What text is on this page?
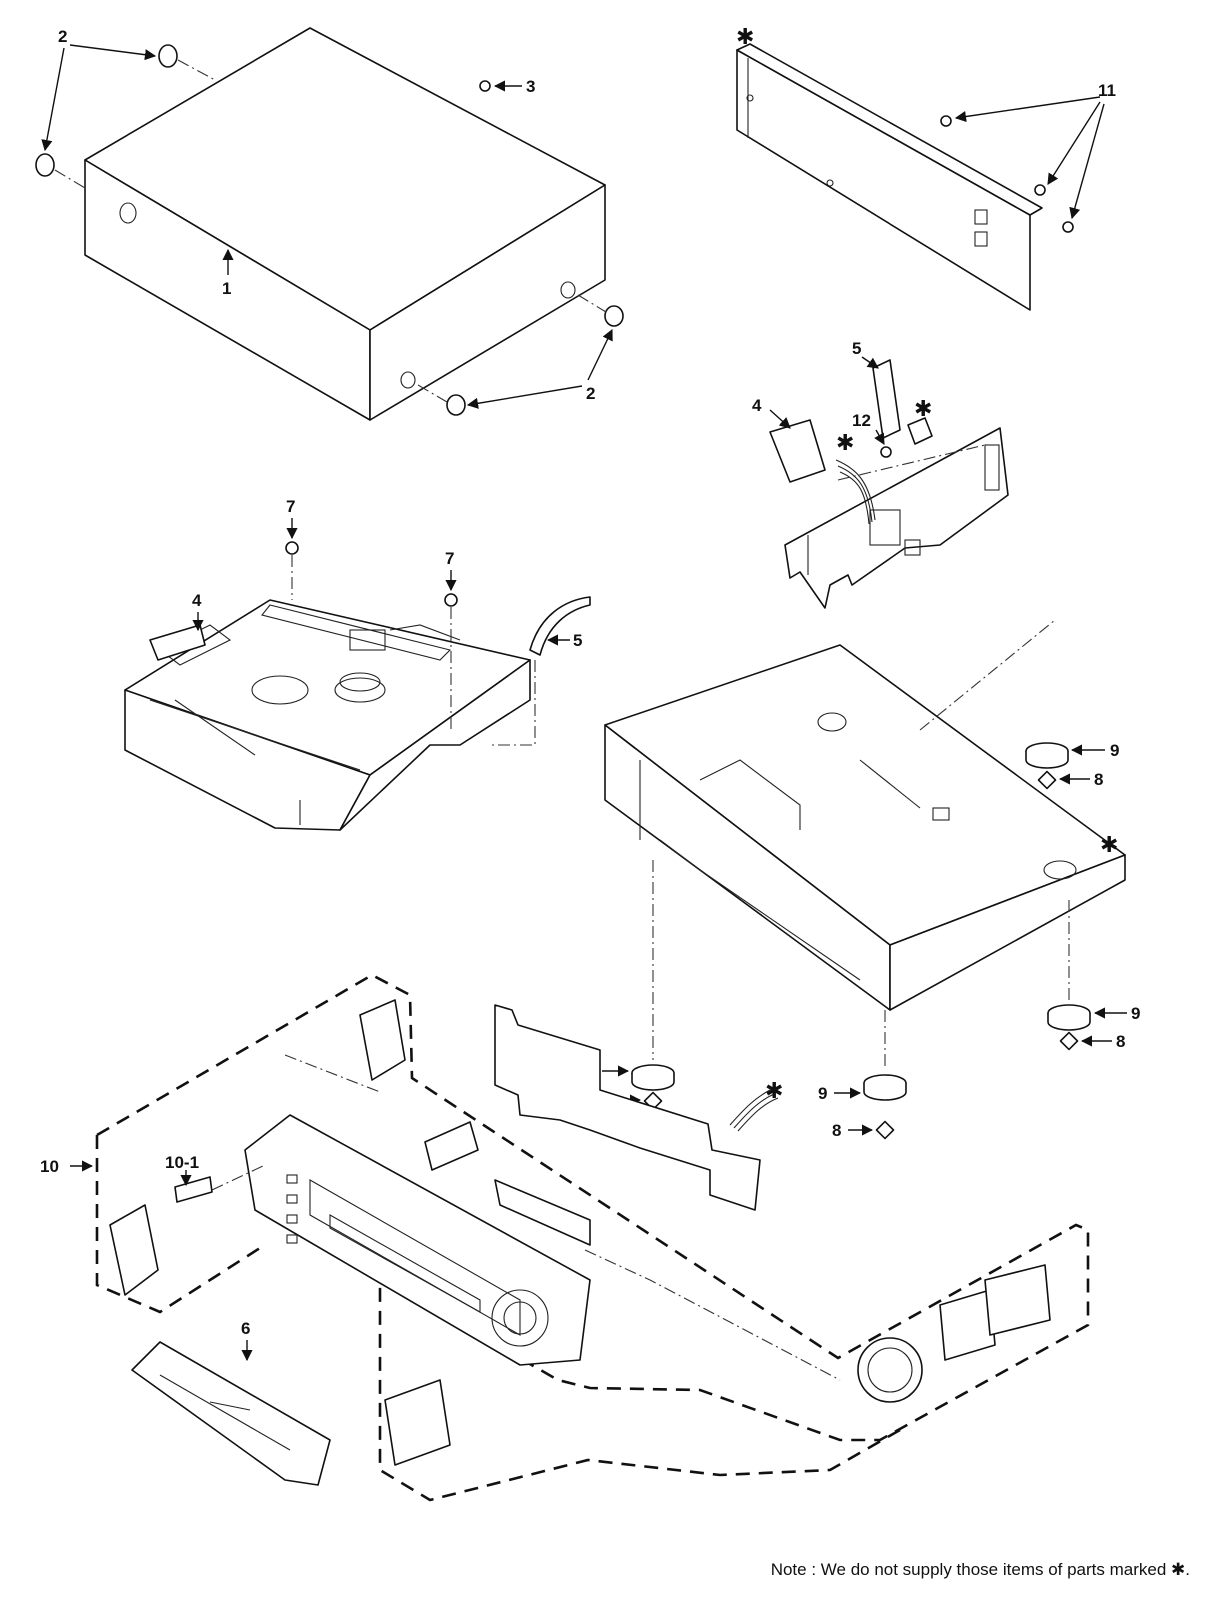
2
3
1
2
✱
11
5
4
12 ✱
✱
7
7
4
5
9
8
✱
9
8
9
8
✱
10	10-1
6
Note : We do not supply those items of parts marked ✱.
